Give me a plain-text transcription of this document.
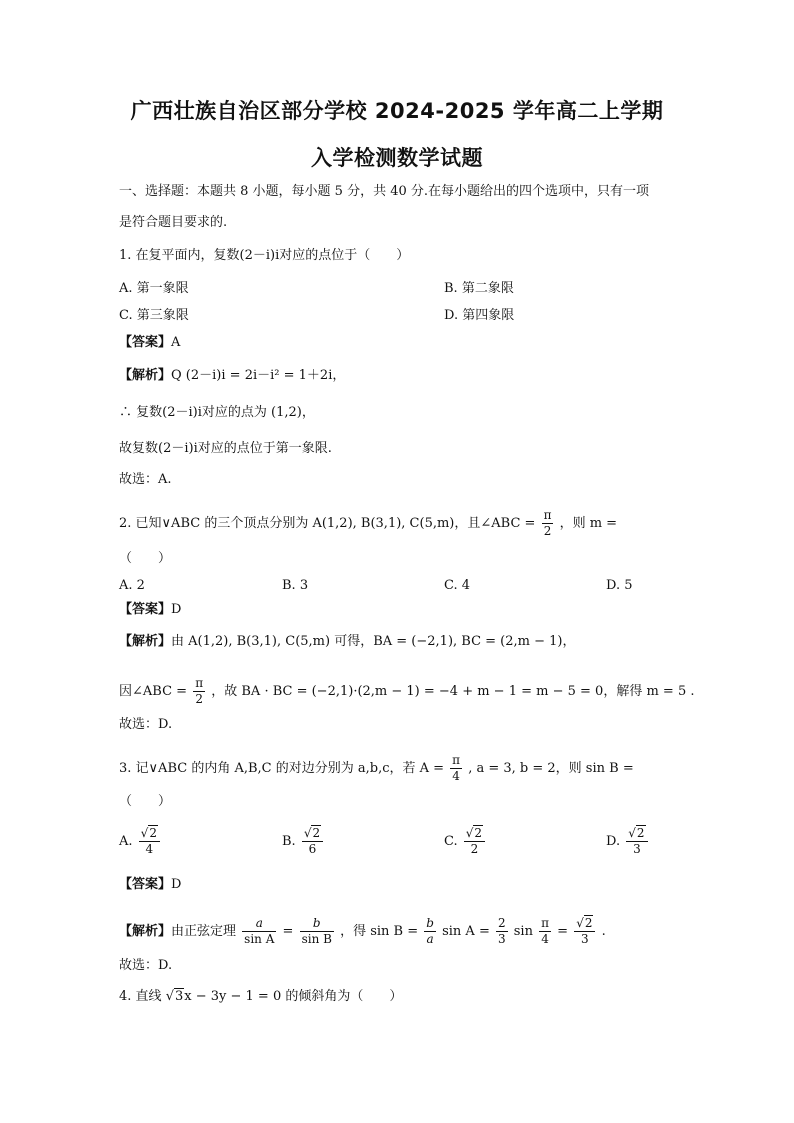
广西壮族自治区部分学校 2024-2025 学年高二上学期
入学检测数学试题
一、选择题：本题共 8 小题，每小题 5 分，共 40 分.在每小题给出的四个选项中，只有一项
是符合题目要求的.
1. 在复平面内，复数(2－i)i对应的点位于（　　）
A. 第一象限	B. 第二象限
C. 第三象限	D. 第四象限
【答案】A
【解析】Q (2－i)i = 2i－i² = 1＋2i，
∴ 复数(2－i)i对应的点为 (1,2)，
故复数(2－i)i对应的点位于第一象限.
故选：A.
2. 已知∨ABC 的三个顶点分别为 A(1,2), B(3,1), C(5,m)，且∠ABC = $\frac{\pi}{2}$ ，则 m =
（　　）
A. 2	B. 3	C. 4	D. 5
【答案】D
【解析】由 A(1,2), B(3,1), C(5,m) 可得，BA = (−2,1), BC = (2,m − 1)，
因∠ABC = $\frac{\pi}{2}$ ，故 BA · BC = (−2,1)·(2,m − 1) = −4 + m − 1 = m − 5 = 0，解得 m = 5 .
故选：D.
3. 记∨ABC 的内角 A,B,C 的对边分别为 a,b,c，若 $A = \frac{\pi}{4}$ , a = 3, b = 2，则 sin B =
（　　）
A. $\frac{√2}{4}$	B. $\frac{√2}{6}$	C. $\frac{√2}{2}$	D. $\frac{√2}{3}$
【答案】D
【解析】由正弦定理 $\frac{a}{\text{sin A}} = \frac{b}{\text{sin B}}$ ，得 $\sin B = \frac{b}{a}$ $\sin A = \frac{2}{3}$ $\sin \frac{\pi}{4} = \frac{√2}{3}$ .
故选：D.
4. 直线 √3x − 3y − 1 = 0 的倾斜角为（　　）
